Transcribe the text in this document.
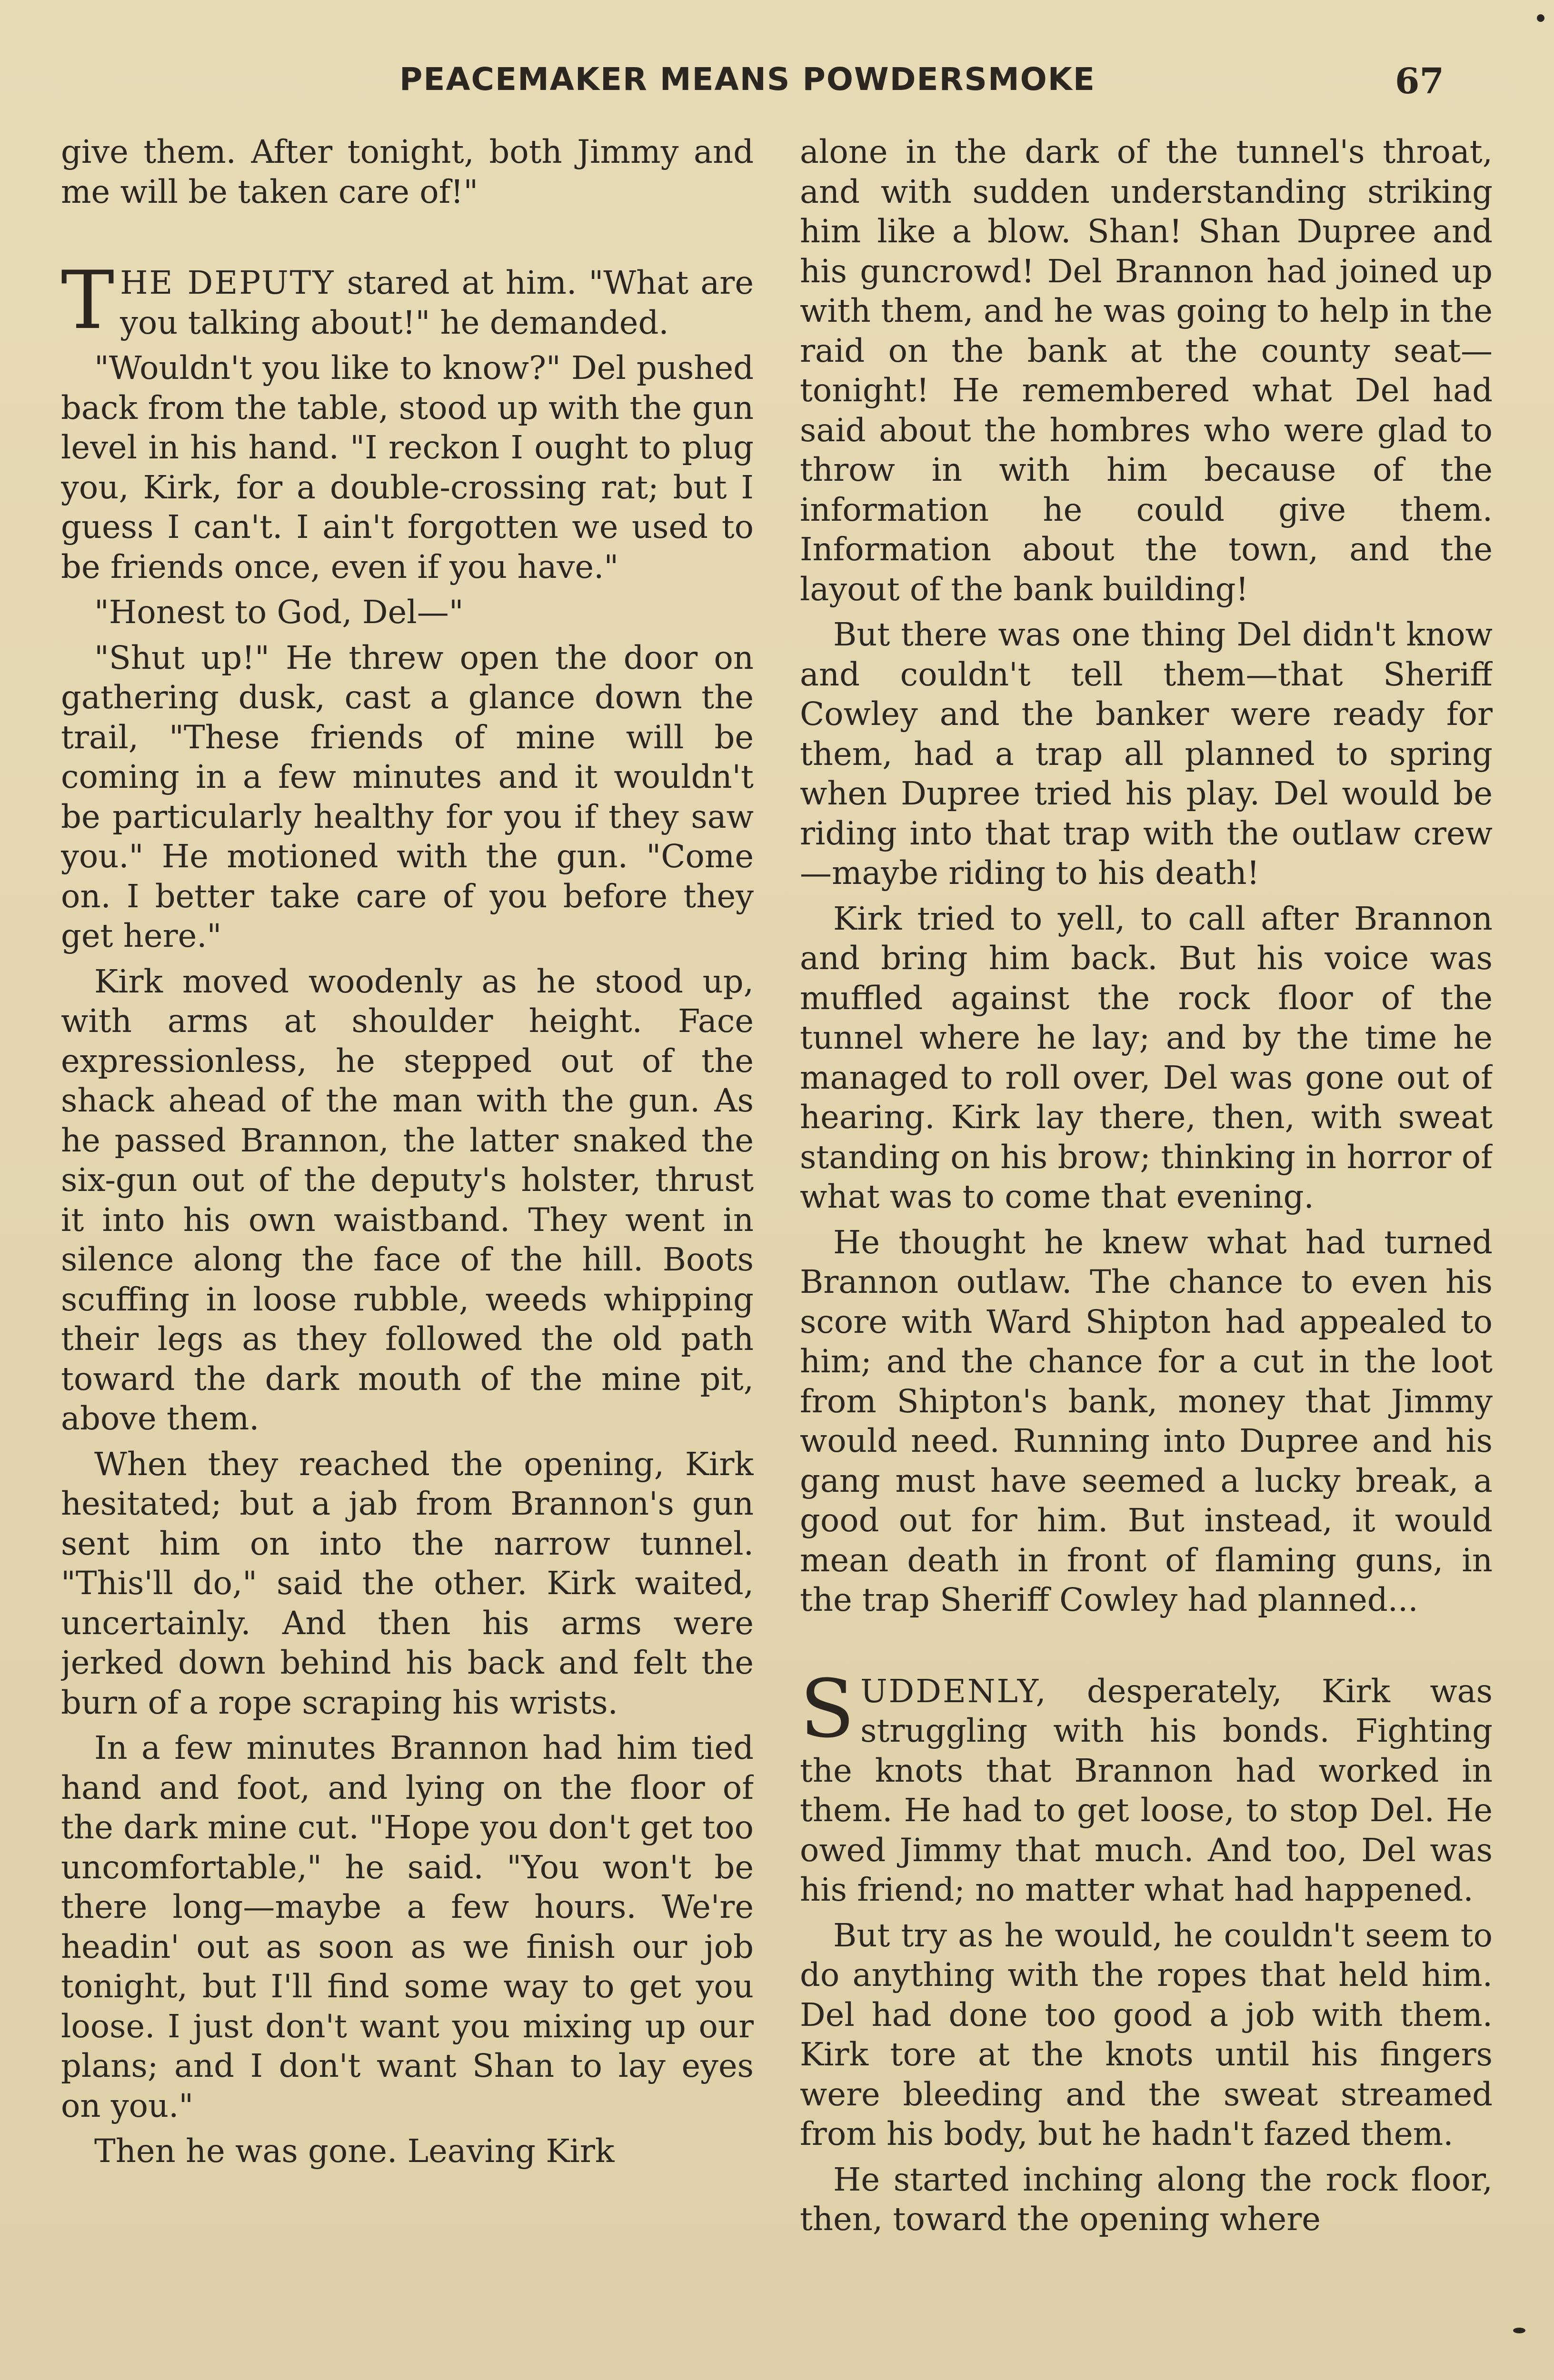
PEACEMAKER MEANS POWDERSMOKE	67

give them. After tonight, both Jimmy and me will be taken care of!"

THE DEPUTY stared at him. "What are you talking about!" he demanded.

"Wouldn't you like to know?" Del pushed back from the table, stood up with the gun level in his hand. "I reckon I ought to plug you, Kirk, for a double-crossing rat; but I guess I can't. I ain't forgotten we used to be friends once, even if you have."

"Honest to God, Del—"

"Shut up!" He threw open the door on gathering dusk, cast a glance down the trail, "These friends of mine will be coming in a few minutes and it wouldn't be particularly healthy for you if they saw you." He motioned with the gun. "Come on. I better take care of you before they get here."

Kirk moved woodenly as he stood up, with arms at shoulder height. Face expressionless, he stepped out of the shack ahead of the man with the gun. As he passed Brannon, the latter snaked the six-gun out of the deputy's holster, thrust it into his own waistband. They went in silence along the face of the hill. Boots scuffing in loose rubble, weeds whipping their legs as they followed the old path toward the dark mouth of the mine pit, above them.

When they reached the opening, Kirk hesitated; but a jab from Brannon's gun sent him on into the narrow tunnel. "This'll do," said the other. Kirk waited, uncertainly. And then his arms were jerked down behind his back and felt the burn of a rope scraping his wrists.

In a few minutes Brannon had him tied hand and foot, and lying on the floor of the dark mine cut. "Hope you don't get too uncomfortable," he said. "You won't be there long—maybe a few hours. We're headin' out as soon as we finish our job tonight, but I'll find some way to get you loose. I just don't want you mixing up our plans; and I don't want Shan to lay eyes on you."

Then he was gone. Leaving Kirk

alone in the dark of the tunnel's throat, and with sudden understanding striking him like a blow. Shan! Shan Dupree and his guncrowd! Del Brannon had joined up with them, and he was going to help in the raid on the bank at the county seat—tonight! He remembered what Del had said about the hombres who were glad to throw in with him because of the information he could give them. Information about the town, and the layout of the bank building!

But there was one thing Del didn't know and couldn't tell them—that Sheriff Cowley and the banker were ready for them, had a trap all planned to spring when Dupree tried his play. Del would be riding into that trap with the outlaw crew—maybe riding to his death!

Kirk tried to yell, to call after Brannon and bring him back. But his voice was muffled against the rock floor of the tunnel where he lay; and by the time he managed to roll over, Del was gone out of hearing. Kirk lay there, then, with sweat standing on his brow; thinking in horror of what was to come that evening.

He thought he knew what had turned Brannon outlaw. The chance to even his score with Ward Shipton had appealed to him; and the chance for a cut in the loot from Shipton's bank, money that Jimmy would need. Running into Dupree and his gang must have seemed a lucky break, a good out for him. But instead, it would mean death in front of flaming guns, in the trap Sheriff Cowley had planned...

SUDDENLY, desperately, Kirk was struggling with his bonds. Fighting the knots that Brannon had worked in them. He had to get loose, to stop Del. He owed Jimmy that much. And too, Del was his friend; no matter what had happened.

But try as he would, he couldn't seem to do anything with the ropes that held him. Del had done too good a job with them. Kirk tore at the knots until his fingers were bleeding and the sweat streamed from his body, but he hadn't fazed them.

He started inching along the rock floor, then, toward the opening where
